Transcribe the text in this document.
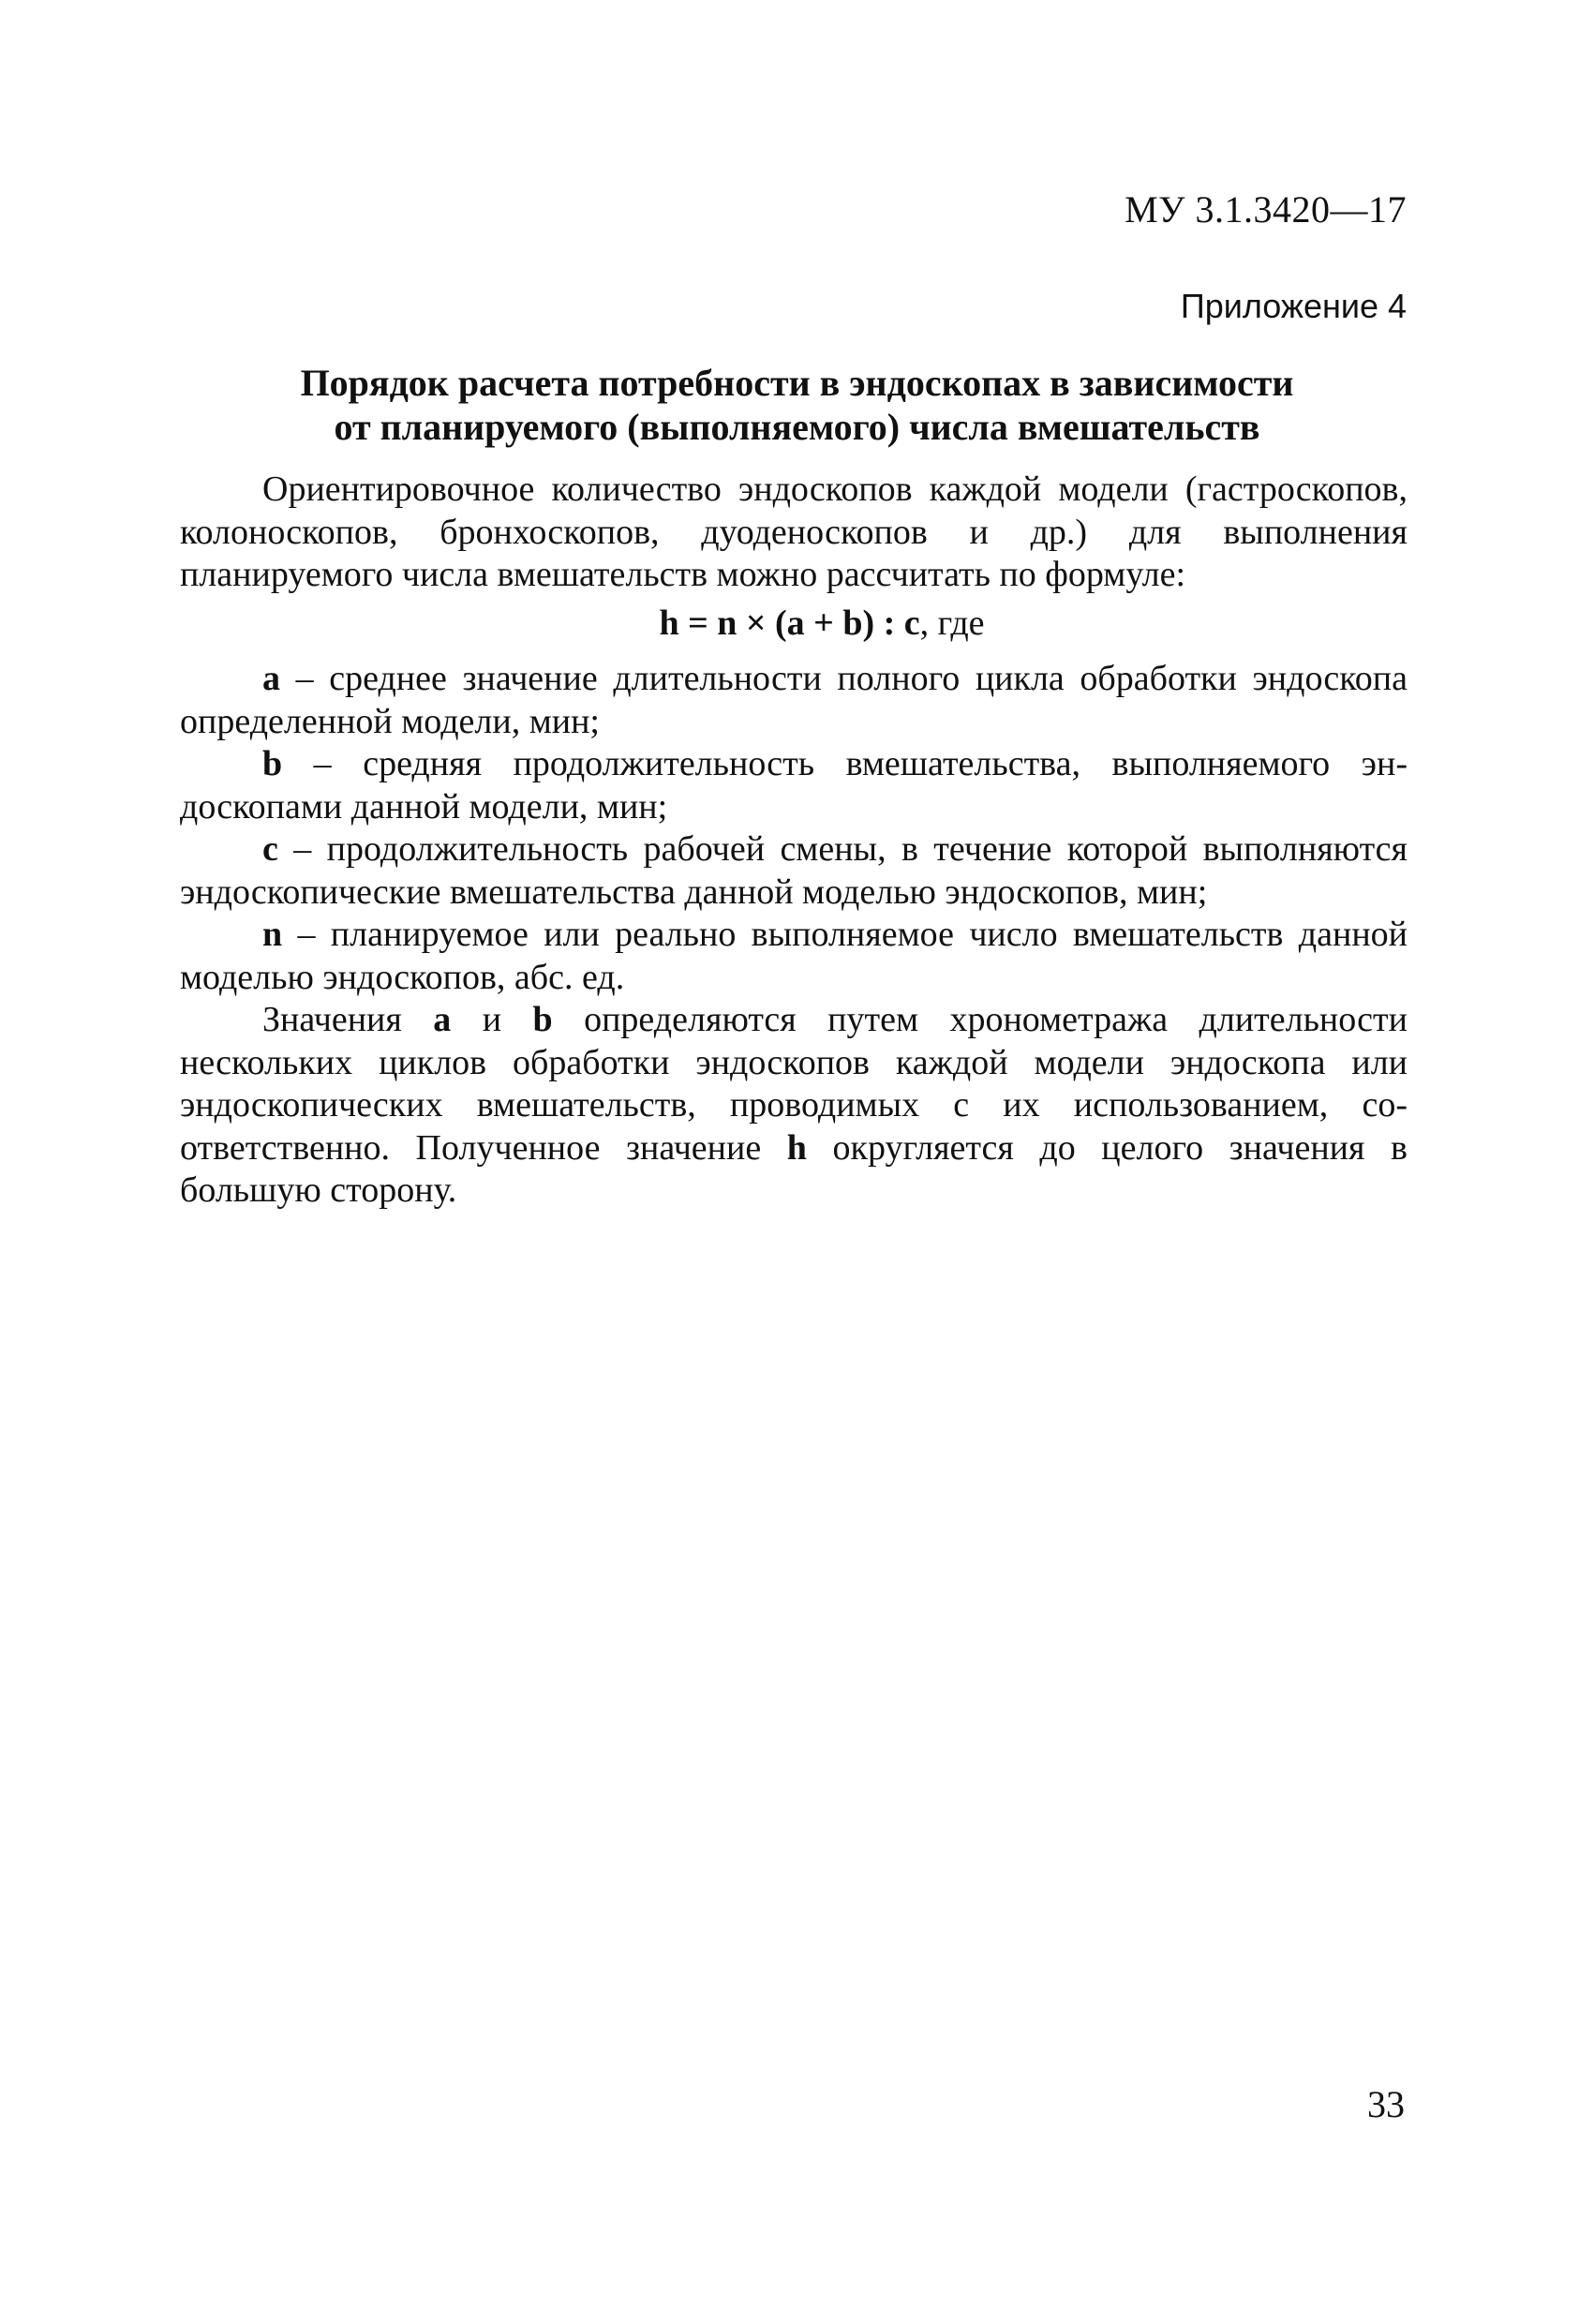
МУ 3.1.3420—17
Приложение 4
Порядок расчета потребности в эндоскопах в зависимости
от планируемого (выполняемого) числа вмешательств

Ориентировочное количество эндоскопов каждой модели (гастроскопов, колоноскопов, бронхоскопов, дуоденоскопов и др.) для выполнения планируемого числа вмешательств можно рассчитать по формуле:

h = n × (a + b) : c, где

a – среднее значение длительности полного цикла обработки эндоскопа определенной модели, мин;

b – средняя продолжительность вмешательства, выполняемого эндоскопами данной модели, мин;

c – продолжительность рабочей смены, в течение которой выполняются эндоскопические вмешательства данной моделью эндоскопов, мин;

n – планируемое или реально выполняемое число вмешательств данной моделью эндоскопов, абс. ед.

Значения a и b определяются путем хронометража длительности нескольких циклов обработки эндоскопов каждой модели эндоскопа или эндоскопических вмешательств, проводимых с их использованием, соответственно. Полученное значение h округляется до целого значения в большую сторону.

33
